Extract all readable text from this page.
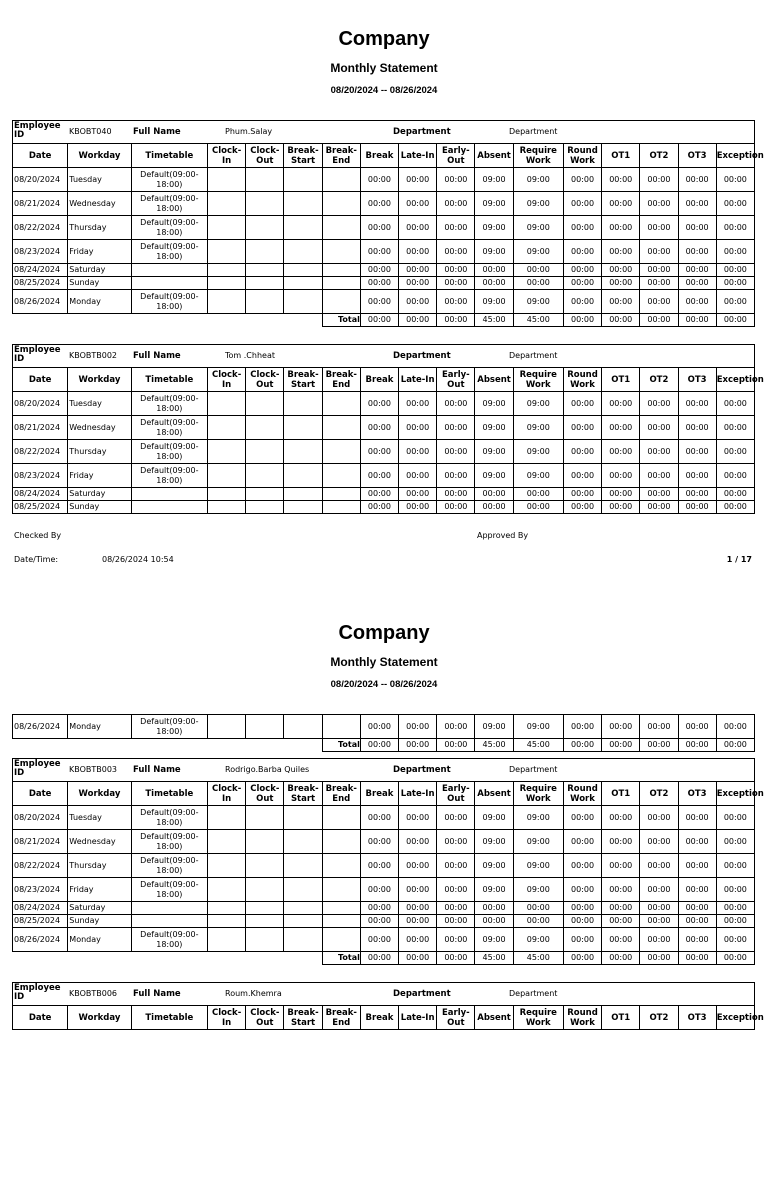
Company
Monthly Statement
08/20/2024 -- 08/26/2024
Employee ID	KBOBT040	Full Name	Phum.Salay	Department	Department
Date	Workday	Timetable	Clock-In	Clock-Out	Break-Start	Break-End	Break	Late-In	Early-Out	Absent	Require Work	Round Work	OT1	OT2	OT3	Exception
08/20/2024	Tuesday	Default(09:00-18:00)					00:00	00:00	00:00	09:00	09:00	00:00	00:00	00:00	00:00	00:00
08/21/2024	Wednesday	Default(09:00-18:00)					00:00	00:00	00:00	09:00	09:00	00:00	00:00	00:00	00:00	00:00
08/22/2024	Thursday	Default(09:00-18:00)					00:00	00:00	00:00	09:00	09:00	00:00	00:00	00:00	00:00	00:00
08/23/2024	Friday	Default(09:00-18:00)					00:00	00:00	00:00	09:00	09:00	00:00	00:00	00:00	00:00	00:00
08/24/2024	Saturday						00:00	00:00	00:00	00:00	00:00	00:00	00:00	00:00	00:00	00:00
08/25/2024	Sunday						00:00	00:00	00:00	00:00	00:00	00:00	00:00	00:00	00:00	00:00
08/26/2024	Monday	Default(09:00-18:00)					00:00	00:00	00:00	09:00	09:00	00:00	00:00	00:00	00:00	00:00
						Total	00:00	00:00	00:00	45:00	45:00	00:00	00:00	00:00	00:00	00:00
Employee ID	KBOBTB002 Full Name	Tom .Chheat	Department	Department
Date	Workday	Timetable	Clock-In	Clock-Out	Break-Start	Break-End	Break	Late-In	Early-Out	Absent	Require Work	Round Work	OT1	OT2	OT3	Exception
08/20/2024	Tuesday	Default(09:00-18:00)					00:00	00:00	00:00	09:00	09:00	00:00	00:00	00:00	00:00	00:00
08/21/2024	Wednesday	Default(09:00-18:00)					00:00	00:00	00:00	09:00	09:00	00:00	00:00	00:00	00:00	00:00
08/22/2024	Thursday	Default(09:00-18:00)					00:00	00:00	00:00	09:00	09:00	00:00	00:00	00:00	00:00	00:00
08/23/2024	Friday	Default(09:00-18:00)					00:00	00:00	00:00	09:00	09:00	00:00	00:00	00:00	00:00	00:00
08/24/2024	Saturday						00:00	00:00	00:00	00:00	00:00	00:00	00:00	00:00	00:00	00:00
08/25/2024	Sunday						00:00	00:00	00:00	00:00	00:00	00:00	00:00	00:00	00:00	00:00
Checked By	Approved By
Date/Time:	08/26/2024 10:54	1 / 17
Company
Monthly Statement
08/20/2024 -- 08/26/2024
08/26/2024	Monday	Default(09:00-18:00)					00:00	00:00	00:00	09:00	09:00	00:00	00:00	00:00	00:00	00:00
						Total	00:00	00:00	00:00	45:00	45:00	00:00	00:00	00:00	00:00	00:00
Employee ID	KBOBTB003 Full Name	Rodrigo.Barba Quiles	Department	Department
Date	Workday	Timetable	Clock-In	Clock-Out	Break-Start	Break-End	Break	Late-In	Early-Out	Absent	Require Work	Round Work	OT1	OT2	OT3	Exception
08/20/2024	Tuesday	Default(09:00-18:00)					00:00	00:00	00:00	09:00	09:00	00:00	00:00	00:00	00:00	00:00
08/21/2024	Wednesday	Default(09:00-18:00)					00:00	00:00	00:00	09:00	09:00	00:00	00:00	00:00	00:00	00:00
08/22/2024	Thursday	Default(09:00-18:00)					00:00	00:00	00:00	09:00	09:00	00:00	00:00	00:00	00:00	00:00
08/23/2024	Friday	Default(09:00-18:00)					00:00	00:00	00:00	09:00	09:00	00:00	00:00	00:00	00:00	00:00
08/24/2024	Saturday						00:00	00:00	00:00	00:00	00:00	00:00	00:00	00:00	00:00	00:00
08/25/2024	Sunday						00:00	00:00	00:00	00:00	00:00	00:00	00:00	00:00	00:00	00:00
08/26/2024	Monday	Default(09:00-18:00)					00:00	00:00	00:00	09:00	09:00	00:00	00:00	00:00	00:00	00:00
						Total	00:00	00:00	00:00	45:00	45:00	00:00	00:00	00:00	00:00	00:00
Employee ID	KBOBTB006 Full Name	Roum.Khemra	Department	Department
Date	Workday	Timetable	Clock-In	Clock-Out	Break-Start	Break-End	Break	Late-In	Early-Out	Absent	Require Work	Round Work	OT1	OT2	OT3	Exception
